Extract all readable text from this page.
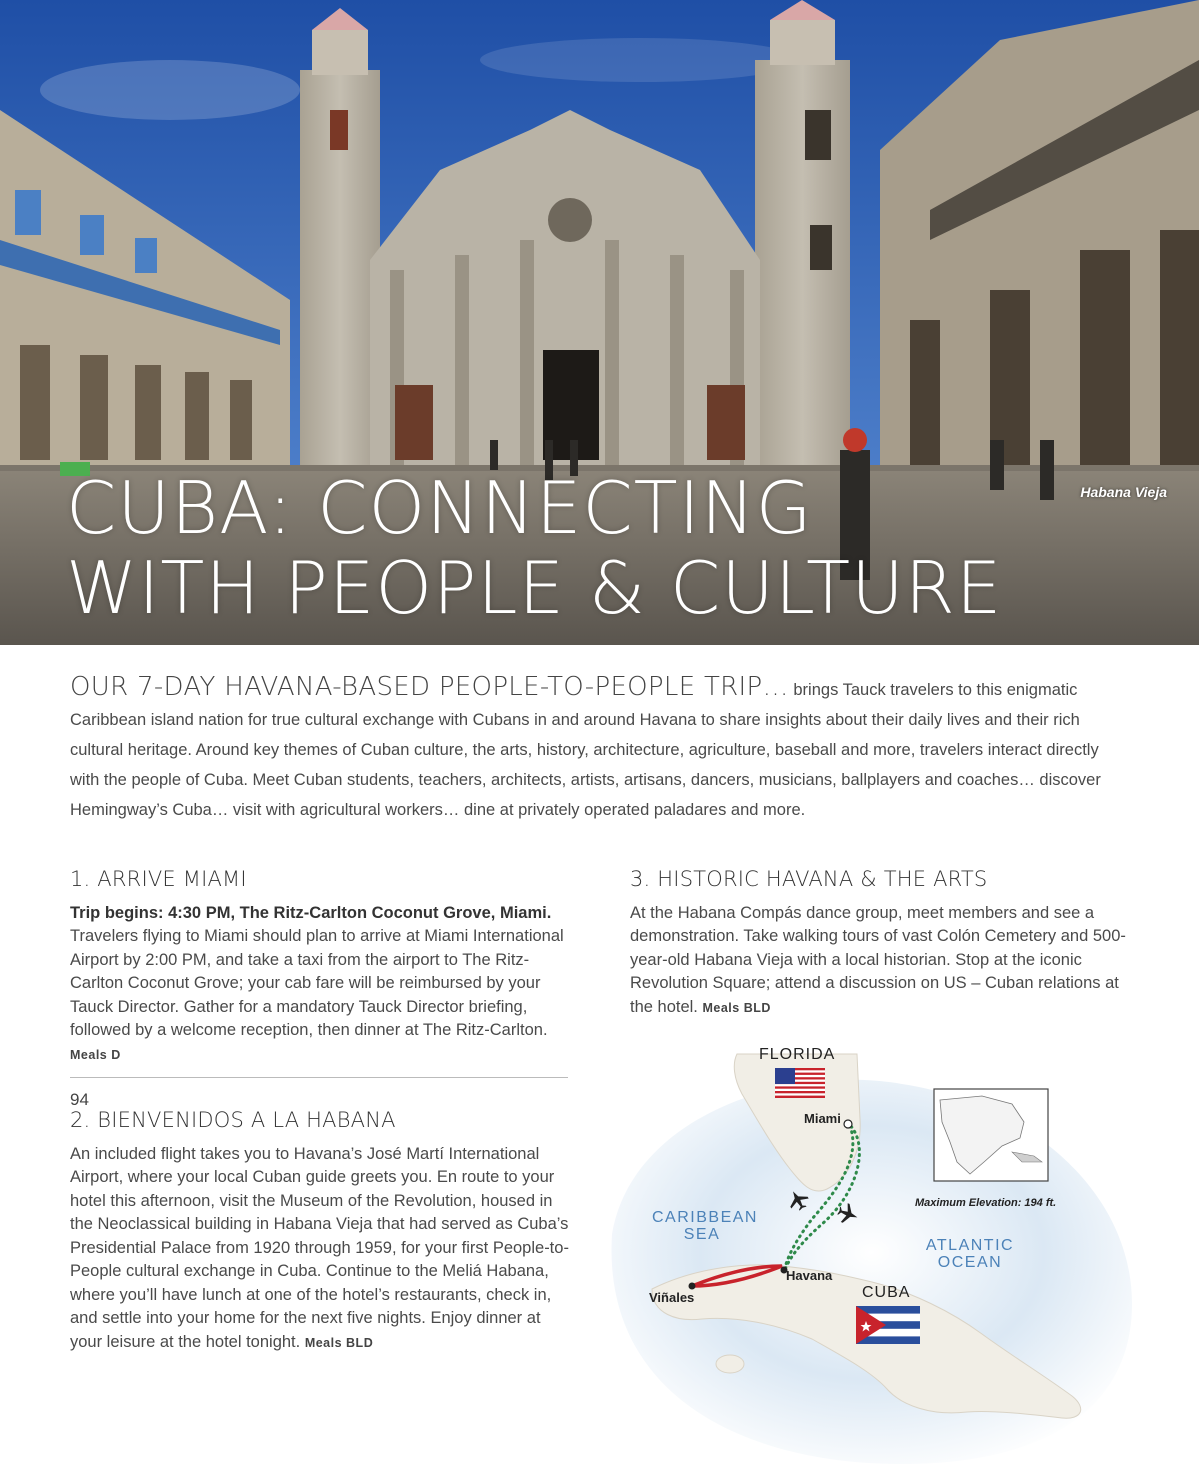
Habana Vieja
CUBA: CONNECTING
WITH PEOPLE & CULTURE
OUR 7-DAY HAVANA-BASED PEOPLE-TO-PEOPLE TRIP… brings Tauck travelers to this enigmatic Caribbean island nation for true cultural exchange with Cubans in and around Havana to share insights about their daily lives and their rich cultural heritage. Around key themes of Cuban culture, the arts, history, architecture, agriculture, baseball and more, travelers interact directly with the people of Cuba. Meet Cuban students, teachers, architects, artists, artisans, dancers, musicians, ballplayers and coaches… discover Hemingway’s Cuba… visit with agricultural workers… dine at privately operated paladares and more.
1. ARRIVE MIAMI

Trip begins: 4:30 PM, The Ritz-Carlton Coconut Grove, Miami. Travelers flying to Miami should plan to arrive at Miami International Airport by 2:00 PM, and take a taxi from the airport to The Ritz-Carlton Coconut Grove; your cab fare will be reimbursed by your Tauck Director. Gather for a mandatory Tauck Director briefing, followed by a welcome reception, then dinner at The Ritz-Carlton. Meals D

2. BIENVENIDOS A LA HABANA

An included flight takes you to Havana’s José Martí International Airport, where your local Cuban guide greets you. En route to your hotel this afternoon, visit the Museum of the Revolution, housed in the Neoclassical building in Habana Vieja that had served as Cuba’s Presidential Palace from 1920 through 1959, for your first People-to-People cultural exchange in Cuba. Continue to the Meliá Habana, where you’ll have lunch at one of the hotel’s restaurants, check in, and settle into your home for the next five nights. Enjoy dinner at your leisure at the hotel tonight. Meals BLD

3. HISTORIC HAVANA & THE ARTS

At the Habana Compás dance group, meet members and see a demonstration. Take walking tours of vast Colón Cemetery and 500-year-old Habana Vieja with a local historian. Stop at the iconic Revolution Square; attend a discussion on US – Cuban relations at the hotel. Meals BLD

FLORIDA
Miami
Maximum Elevation: 194 ft.
CARIBBEAN SEA
ATLANTIC OCEAN
Havana
Viñales	CUBA
94
